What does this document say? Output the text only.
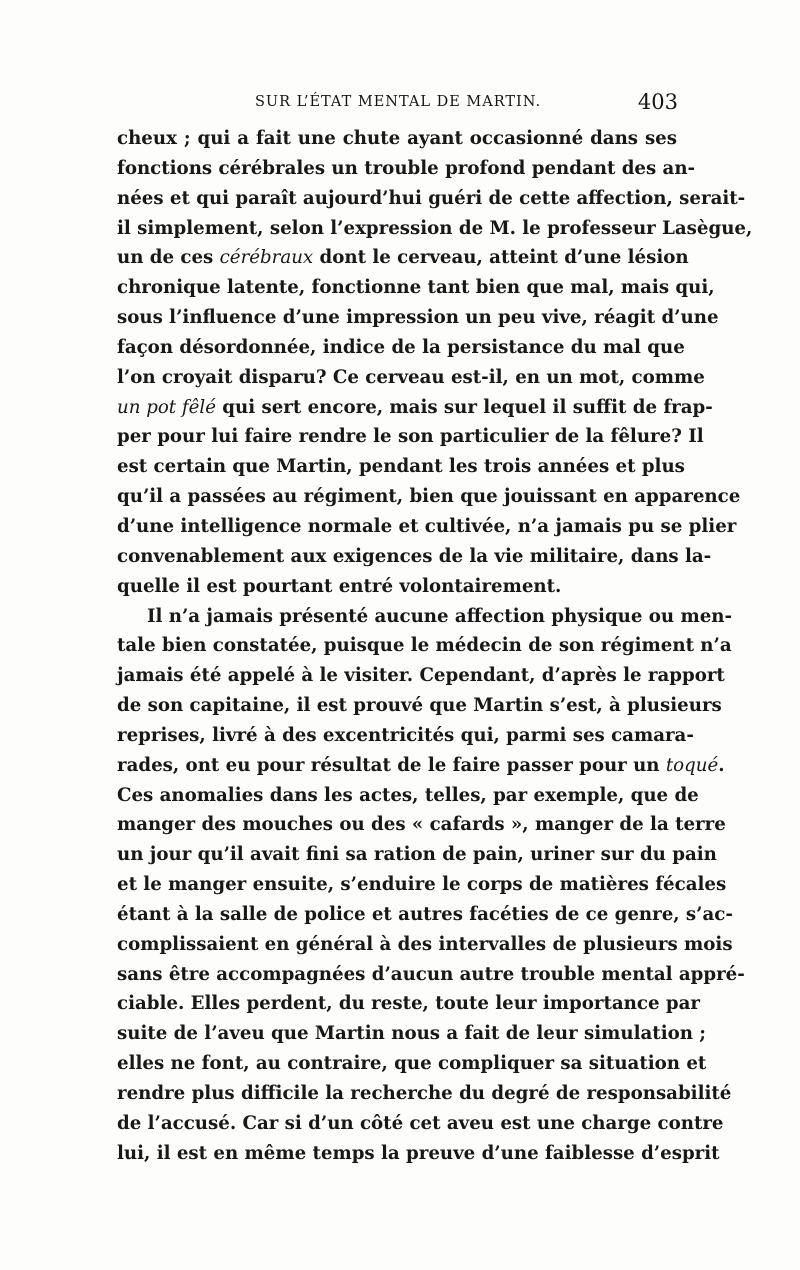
SUR L’ÉTAT MENTAL DE MARTIN.	403
cheux ; qui a fait une chute ayant occasionné dans ses
fonctions cérébrales un trouble profond pendant des an-
nées et qui paraît aujourd’hui guéri de cette affection, serait-
il simplement, selon l’expression de M. le professeur Lasègue,
un de ces cérébraux dont le cerveau, atteint d’une lésion
chronique latente, fonctionne tant bien que mal, mais qui,
sous l’influence d’une impression un peu vive, réagit d’une
façon désordonnée, indice de la persistance du mal que
l’on croyait disparu? Ce cerveau est-il, en un mot, comme
un pot fêlé qui sert encore, mais sur lequel il suffit de frap-
per pour lui faire rendre le son particulier de la fêlure? Il
est certain que Martin, pendant les trois années et plus
qu’il a passées au régiment, bien que jouissant en apparence
d’une intelligence normale et cultivée, n’a jamais pu se plier
convenablement aux exigences de la vie militaire, dans la-
quelle il est pourtant entré volontairement.
Il n’a jamais présenté aucune affection physique ou men-
tale bien constatée, puisque le médecin de son régiment n’a
jamais été appelé à le visiter. Cependant, d’après le rapport
de son capitaine, il est prouvé que Martin s’est, à plusieurs
reprises, livré à des excentricités qui, parmi ses camara-
rades, ont eu pour résultat de le faire passer pour un toqué.
Ces anomalies dans les actes, telles, par exemple, que de
manger des mouches ou des « cafards », manger de la terre
un jour qu’il avait fini sa ration de pain, uriner sur du pain
et le manger ensuite, s’enduire le corps de matières fécales
étant à la salle de police et autres facéties de ce genre, s’ac-
complissaient en général à des intervalles de plusieurs mois
sans être accompagnées d’aucun autre trouble mental appré-
ciable. Elles perdent, du reste, toute leur importance par
suite de l’aveu que Martin nous a fait de leur simulation ;
elles ne font, au contraire, que compliquer sa situation et
rendre plus difficile la recherche du degré de responsabilité
de l’accusé. Car si d’un côté cet aveu est une charge contre
lui, il est en même temps la preuve d’une faiblesse d’esprit
